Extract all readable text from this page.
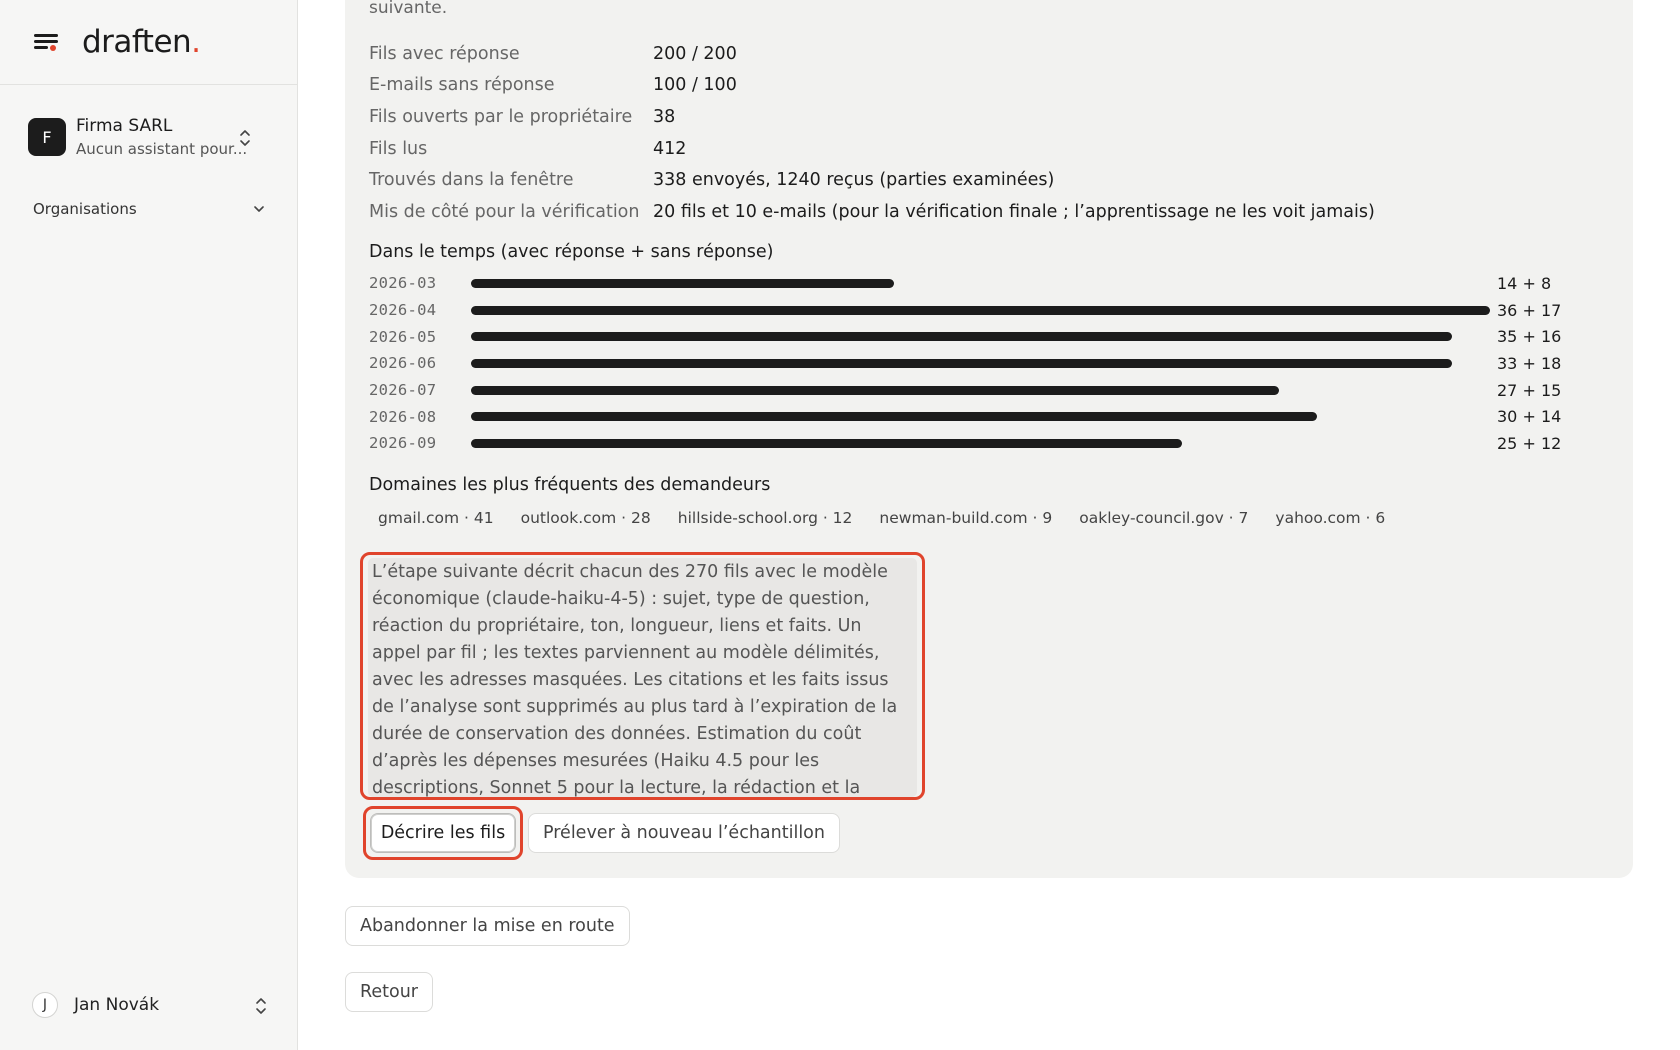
draften.
F
Firma SARL
Aucun assistant pour...
Organisations
J	Jan Novák
suivante.
Fils avec réponse	200 / 200
E-mails sans réponse	100 / 100
Fils ouverts par le propriétaire	38
Fils lus	412
Trouvés dans la fenêtre	338 envoyés, 1240 reçus (parties examinées)
Mis de côté pour la vérification 20 fils et 10 e-mails (pour la vérification finale ; l’apprentissage ne les voit jamais)
Dans le temps (avec réponse + sans réponse)
2026-03	14 + 8
2026-04	36 + 17
2026-05	35 + 16
2026-06	33 + 18
2026-07	27 + 15
2026-08	30 + 14
2026-09	25 + 12
Domaines les plus fréquents des demandeurs
gmail.com · 41 outlook.com · 28 hillside-school.org · 12 newman-build.com · 9 oakley-council.gov · 7 yahoo.com · 6
L’étape suivante décrit chacun des 270 fils avec le modèle économique (claude-haiku-4-5) : sujet, type de question, réaction du propriétaire, ton, longueur, liens et faits. Un appel par fil ; les textes parviennent au modèle délimités, avec les adresses masquées. Les citations et les faits issus de l’analyse sont supprimés au plus tard à l’expiration de la durée de conservation des données. Estimation du coût d’après les dépenses mesurées (Haiku 4.5 pour les descriptions, Sonnet 5 pour la lecture, la rédaction et la
Décrire les fils	Prélever à nouveau l’échantillon
Abandonner la mise en route
Retour
